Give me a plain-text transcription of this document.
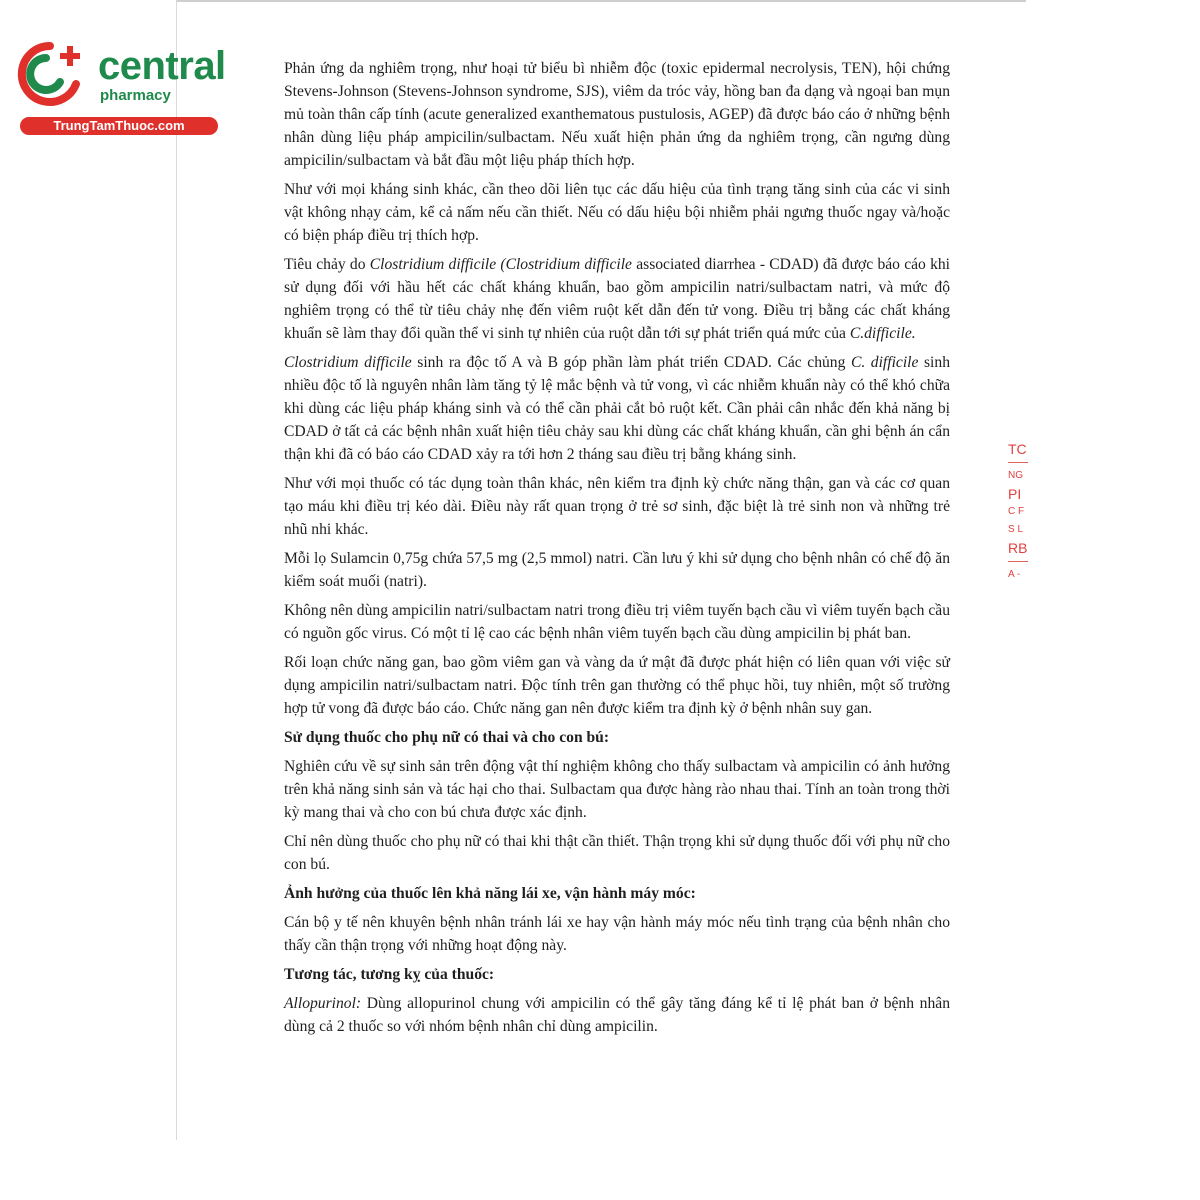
central
pharmacy
TrungTamThuoc.com

Phản ứng da nghiêm trọng, như hoại tử biểu bì nhiễm độc (toxic epidermal necrolysis, TEN), hội chứng Stevens-Johnson (Stevens-Johnson syndrome, SJS), viêm da tróc vảy, hồng ban đa dạng và ngoại ban mụn mủ toàn thân cấp tính (acute generalized exanthematous pustulosis, AGEP) đã được báo cáo ở những bệnh nhân dùng liệu pháp ampicilin/sulbactam. Nếu xuất hiện phản ứng da nghiêm trọng, cần ngưng dùng ampicilin/sulbactam và bắt đầu một liệu pháp thích hợp.

Như với mọi kháng sinh khác, cần theo dõi liên tục các dấu hiệu của tình trạng tăng sinh của các vi sinh vật không nhạy cảm, kể cả nấm nếu cần thiết. Nếu có dấu hiệu bội nhiễm phải ngưng thuốc ngay và/hoặc có biện pháp điều trị thích hợp.

Tiêu chảy do Clostridium difficile (Clostridium difficile associated diarrhea - CDAD) đã được báo cáo khi sử dụng đối với hầu hết các chất kháng khuẩn, bao gồm ampicilin natri/sulbactam natri, và mức độ nghiêm trọng có thể từ tiêu chảy nhẹ đến viêm ruột kết dẫn đến tử vong. Điều trị bằng các chất kháng khuẩn sẽ làm thay đổi quần thể vi sinh tự nhiên của ruột dẫn tới sự phát triển quá mức của C.difficile.

Clostridium difficile sinh ra độc tố A và B góp phần làm phát triển CDAD. Các chủng C. difficile sinh nhiều độc tố là nguyên nhân làm tăng tỷ lệ mắc bệnh và tử vong, vì các nhiễm khuẩn này có thể khó chữa khi dùng các liệu pháp kháng sinh và có thể cần phải cắt bỏ ruột kết. Cần phải cân nhắc đến khả năng bị CDAD ở tất cả các bệnh nhân xuất hiện tiêu chảy sau khi dùng các chất kháng khuẩn, cần ghi bệnh án cẩn thận khi đã có báo cáo CDAD xảy ra tới hơn 2 tháng sau điều trị bằng kháng sinh.

Như với mọi thuốc có tác dụng toàn thân khác, nên kiểm tra định kỳ chức năng thận, gan và các cơ quan tạo máu khi điều trị kéo dài. Điều này rất quan trọng ở trẻ sơ sinh, đặc biệt là trẻ sinh non và những trẻ nhũ nhi khác.

Mỗi lọ Sulamcin 0,75g chứa 57,5 mg (2,5 mmol) natri. Cần lưu ý khi sử dụng cho bệnh nhân có chế độ ăn kiểm soát muối (natri).

Không nên dùng ampicilin natri/sulbactam natri trong điều trị viêm tuyến bạch cầu vì viêm tuyến bạch cầu có nguồn gốc virus. Có một tỉ lệ cao các bệnh nhân viêm tuyến bạch cầu dùng ampicilin bị phát ban.

Rối loạn chức năng gan, bao gồm viêm gan và vàng da ứ mật đã được phát hiện có liên quan với việc sử dụng ampicilin natri/sulbactam natri. Độc tính trên gan thường có thể phục hồi, tuy nhiên, một số trường hợp tử vong đã được báo cáo. Chức năng gan nên được kiểm tra định kỳ ở bệnh nhân suy gan.

Sử dụng thuốc cho phụ nữ có thai và cho con bú:

Nghiên cứu về sự sinh sản trên động vật thí nghiệm không cho thấy sulbactam và ampicilin có ảnh hưởng trên khả năng sinh sản và tác hại cho thai. Sulbactam qua được hàng rào nhau thai. Tính an toàn trong thời kỳ mang thai và cho con bú chưa được xác định.

Chỉ nên dùng thuốc cho phụ nữ có thai khi thật cần thiết. Thận trọng khi sử dụng thuốc đối với phụ nữ cho con bú.

Ảnh hưởng của thuốc lên khả năng lái xe, vận hành máy móc:

Cán bộ y tế nên khuyên bệnh nhân tránh lái xe hay vận hành máy móc nếu tình trạng của bệnh nhân cho thấy cần thận trọng với những hoạt động này.

Tương tác, tương kỵ của thuốc:

Allopurinol: Dùng allopurinol chung với ampicilin có thể gây tăng đáng kể tỉ lệ phát ban ở bệnh nhân dùng cả 2 thuốc so với nhóm bệnh nhân chỉ dùng ampicilin.

TC
NG
PI
C F
S L
RB
A -
